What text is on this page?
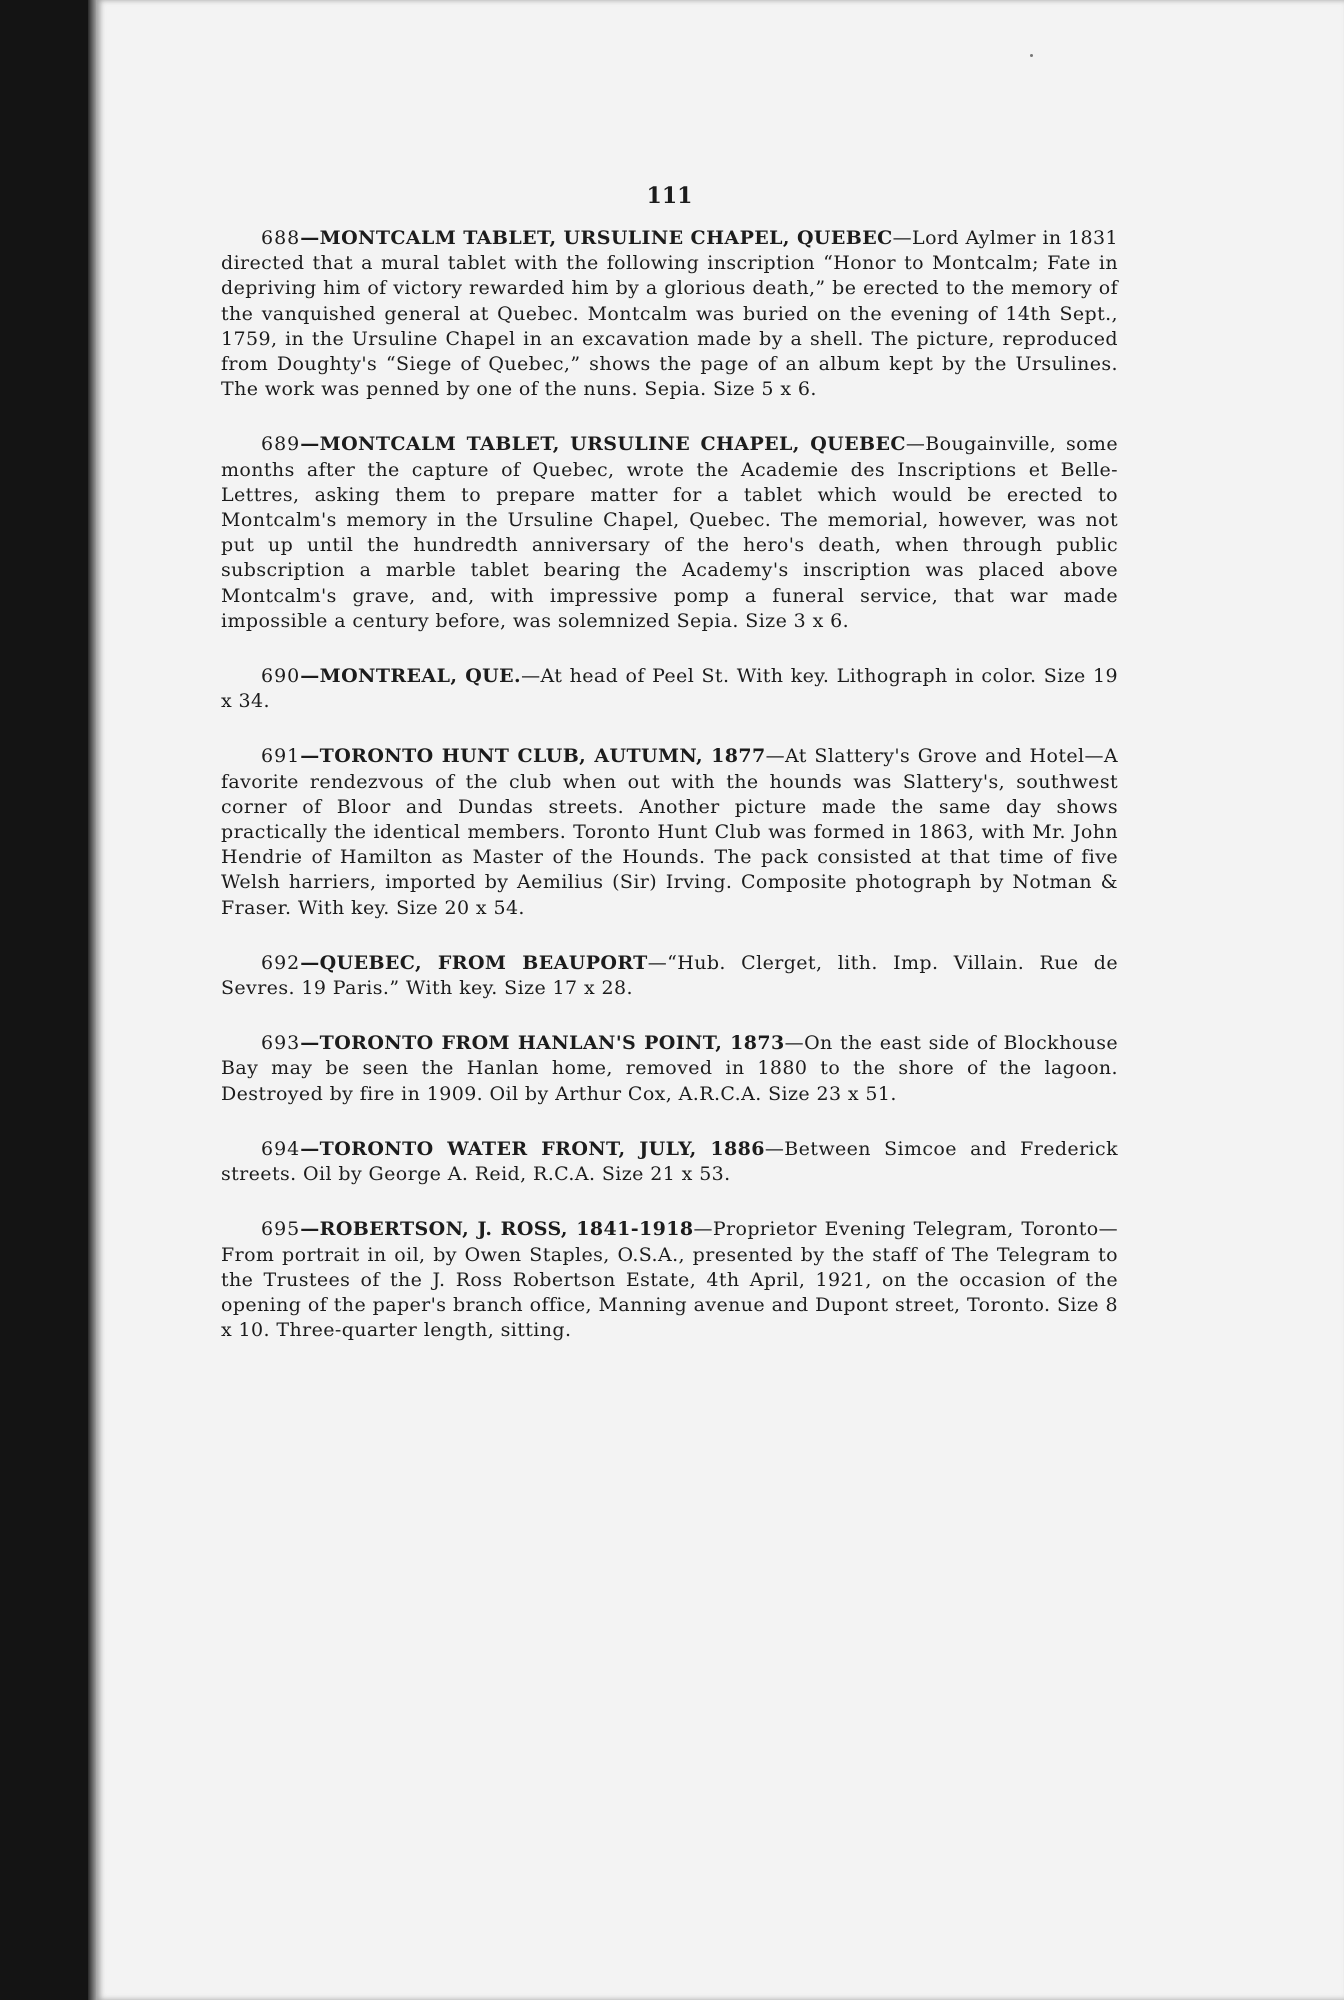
111

688—MONTCALM TABLET, URSULINE CHAPEL, QUEBEC—Lord Aylmer in 1831 directed that a mural tablet with the following inscription “Honor to Montcalm; Fate in depriving him of victory rewarded him by a glorious death,” be erected to the memory of the vanquished general at Quebec. Montcalm was buried on the evening of 14th Sept., 1759, in the Ursuline Chapel in an excavation made by a shell. The picture, reproduced from Doughty's “Siege of Quebec,” shows the page of an album kept by the Ursulines. The work was penned by one of the nuns. Sepia. Size 5 x 6.

689—MONTCALM TABLET, URSULINE CHAPEL, QUEBEC—Bougainville, some months after the capture of Quebec, wrote the Academie des Inscriptions et Belle-Lettres, asking them to prepare matter for a tablet which would be erected to Montcalm's memory in the Ursuline Chapel, Quebec. The memorial, however, was not put up until the hundredth anniversary of the hero's death, when through public subscription a marble tablet bearing the Academy's inscription was placed above Montcalm's grave, and, with impressive pomp a funeral service, that war made impossible a century before, was solemnized Sepia. Size 3 x 6.

690—MONTREAL, QUE.—At head of Peel St. With key. Lithograph in color. Size 19 x 34.

691—TORONTO HUNT CLUB, AUTUMN, 1877—At Slattery's Grove and Hotel—A favorite rendezvous of the club when out with the hounds was Slattery's, southwest corner of Bloor and Dundas streets. Another picture made the same day shows practically the identical members. Toronto Hunt Club was formed in 1863, with Mr. John Hendrie of Hamilton as Master of the Hounds. The pack consisted at that time of five Welsh harriers, imported by Aemilius (Sir) Irving. Composite photograph by Notman & Fraser. With key. Size 20 x 54.

692—QUEBEC, FROM BEAUPORT—“Hub. Clerget, lith. Imp. Villain. Rue de Sevres. 19 Paris.” With key. Size 17 x 28.

693—TORONTO FROM HANLAN'S POINT, 1873—On the east side of Blockhouse Bay may be seen the Hanlan home, removed in 1880 to the shore of the lagoon. Destroyed by fire in 1909. Oil by Arthur Cox, A.R.C.A. Size 23 x 51.

694—TORONTO WATER FRONT, JULY, 1886—Between Simcoe and Frederick streets. Oil by George A. Reid, R.C.A. Size 21 x 53.

695—ROBERTSON, J. ROSS, 1841-1918—Proprietor Evening Telegram, Toronto—From portrait in oil, by Owen Staples, O.S.A., presented by the staff of The Telegram to the Trustees of the J. Ross Robertson Estate, 4th April, 1921, on the occasion of the opening of the paper's branch office, Manning avenue and Dupont street, Toronto. Size 8 x 10. Three-quarter length, sitting.
